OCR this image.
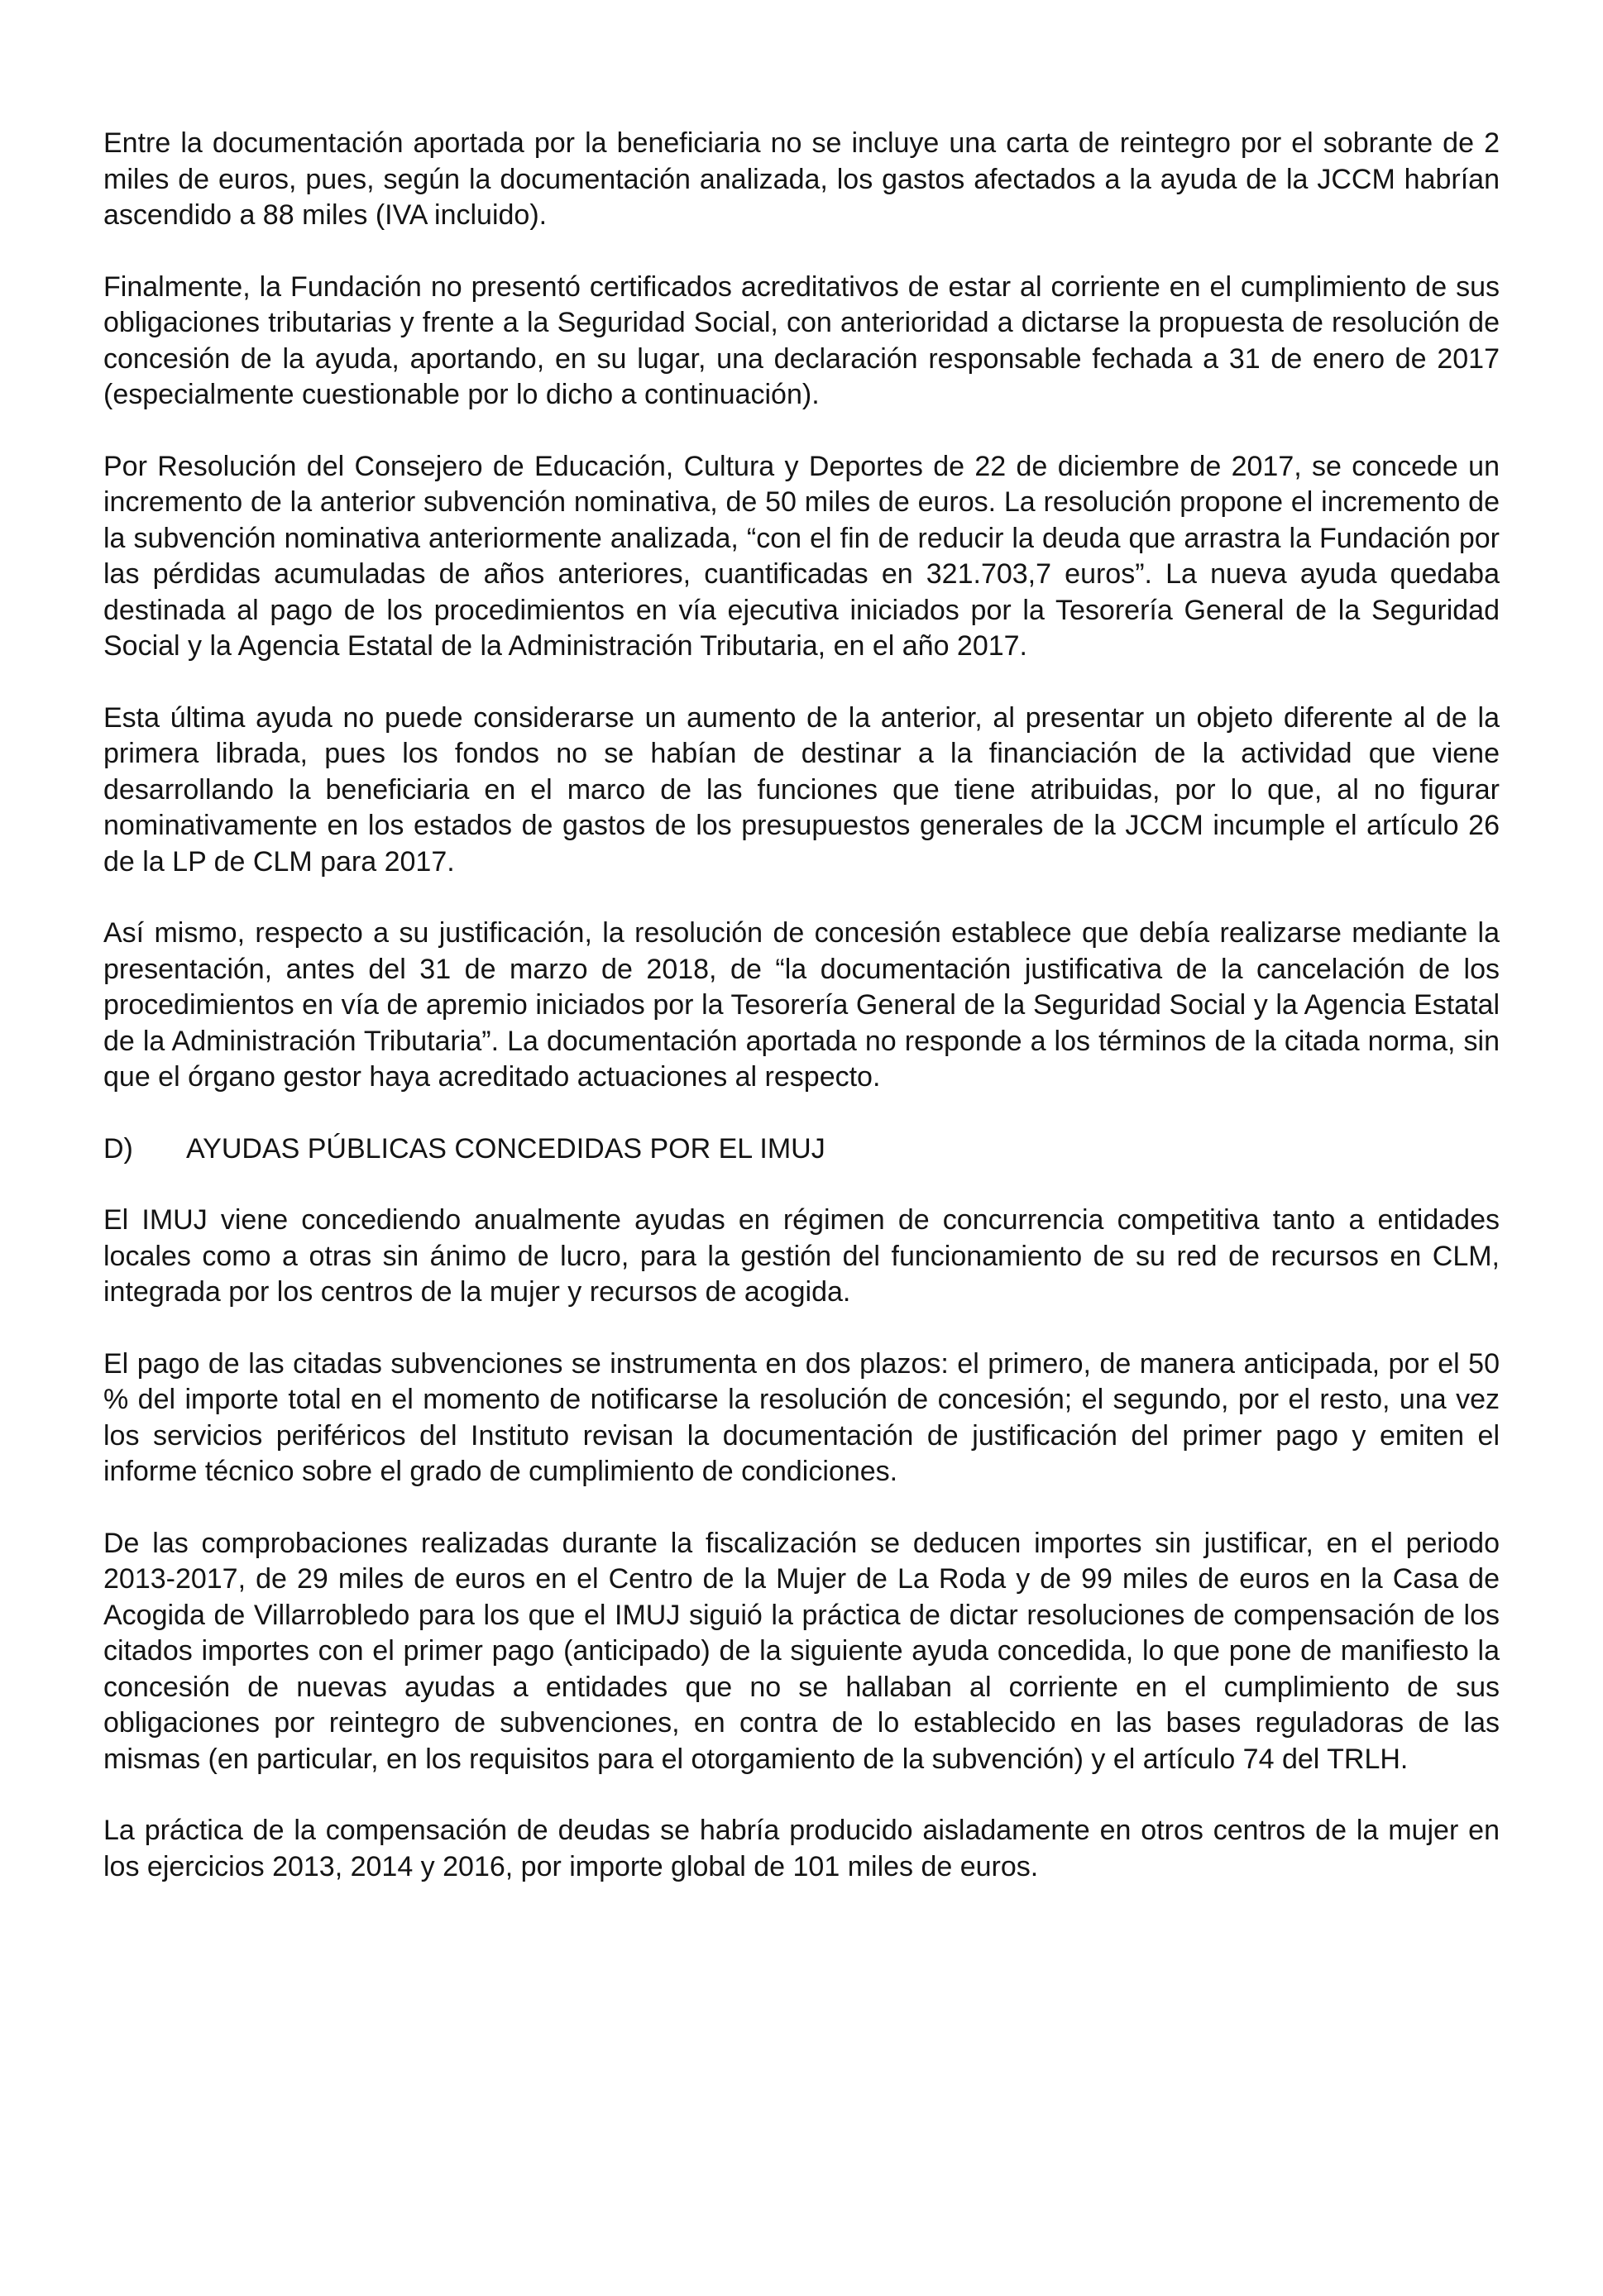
Entre la documentación aportada por la beneficiaria no se incluye una carta de reintegro por el sobrante de 2 miles de euros, pues, según la documentación analizada, los gastos afectados a la ayuda de la JCCM habrían ascendido a 88 miles (IVA incluido).

Finalmente, la Fundación no presentó certificados acreditativos de estar al corriente en el cumplimiento de sus obligaciones tributarias y frente a la Seguridad Social, con anterioridad a dictarse la propuesta de resolución de concesión de la ayuda, aportando, en su lugar, una declaración responsable fechada a 31 de enero de 2017 (especialmente cuestionable por lo dicho a continuación).

Por Resolución del Consejero de Educación, Cultura y Deportes de 22 de diciembre de 2017, se concede un incremento de la anterior subvención nominativa, de 50 miles de euros. La resolución propone el incremento de la subvención nominativa anteriormente analizada, “con el fin de reducir la deuda que arrastra la Fundación por las pérdidas acumuladas de años anteriores, cuantificadas en 321.703,7 euros”. La nueva ayuda quedaba destinada al pago de los procedimientos en vía ejecutiva iniciados por la Tesorería General de la Seguridad Social y la Agencia Estatal de la Administración Tributaria, en el año 2017.

Esta última ayuda no puede considerarse un aumento de la anterior, al presentar un objeto diferente al de la primera librada, pues los fondos no se habían de destinar a la financiación de la actividad que viene desarrollando la beneficiaria en el marco de las funciones que tiene atribuidas, por lo que, al no figurar nominativamente en los estados de gastos de los presupuestos generales de la JCCM incumple el artículo 26 de la LP de CLM para 2017.

Así mismo, respecto a su justificación, la resolución de concesión establece que debía realizarse mediante la presentación, antes del 31 de marzo de 2018, de “la documentación justificativa de la cancelación de los procedimientos en vía de apremio iniciados por la Tesorería General de la Seguridad Social y la Agencia Estatal de la Administración Tributaria”. La documentación aportada no responde a los términos de la citada norma, sin que el órgano gestor haya acreditado actuaciones al respecto.

D)	AYUDAS PÚBLICAS CONCEDIDAS POR EL IMUJ

El IMUJ viene concediendo anualmente ayudas en régimen de concurrencia competitiva tanto a entidades locales como a otras sin ánimo de lucro, para la gestión del funcionamiento de su red de recursos en CLM, integrada por los centros de la mujer y recursos de acogida.

El pago de las citadas subvenciones se instrumenta en dos plazos: el primero, de manera anticipada, por el 50 % del importe total en el momento de notificarse la resolución de concesión; el segundo, por el resto, una vez los servicios periféricos del Instituto revisan la documentación de justificación del primer pago y emiten el informe técnico sobre el grado de cumplimiento de condiciones.

De las comprobaciones realizadas durante la fiscalización se deducen importes sin justificar, en el periodo 2013-2017, de 29 miles de euros en el Centro de la Mujer de La Roda y de 99 miles de euros en la Casa de Acogida de Villarrobledo para los que el IMUJ siguió la práctica de dictar resoluciones de compensación de los citados importes con el primer pago (anticipado) de la siguiente ayuda concedida, lo que pone de manifiesto la concesión de nuevas ayudas a entidades que no se hallaban al corriente en el cumplimiento de sus obligaciones por reintegro de subvenciones, en contra de lo establecido en las bases reguladoras de las mismas (en particular, en los requisitos para el otorgamiento de la subvención) y el artículo 74 del TRLH.

La práctica de la compensación de deudas se habría producido aisladamente en otros centros de la mujer en los ejercicios 2013, 2014 y 2016, por importe global de 101 miles de euros.
